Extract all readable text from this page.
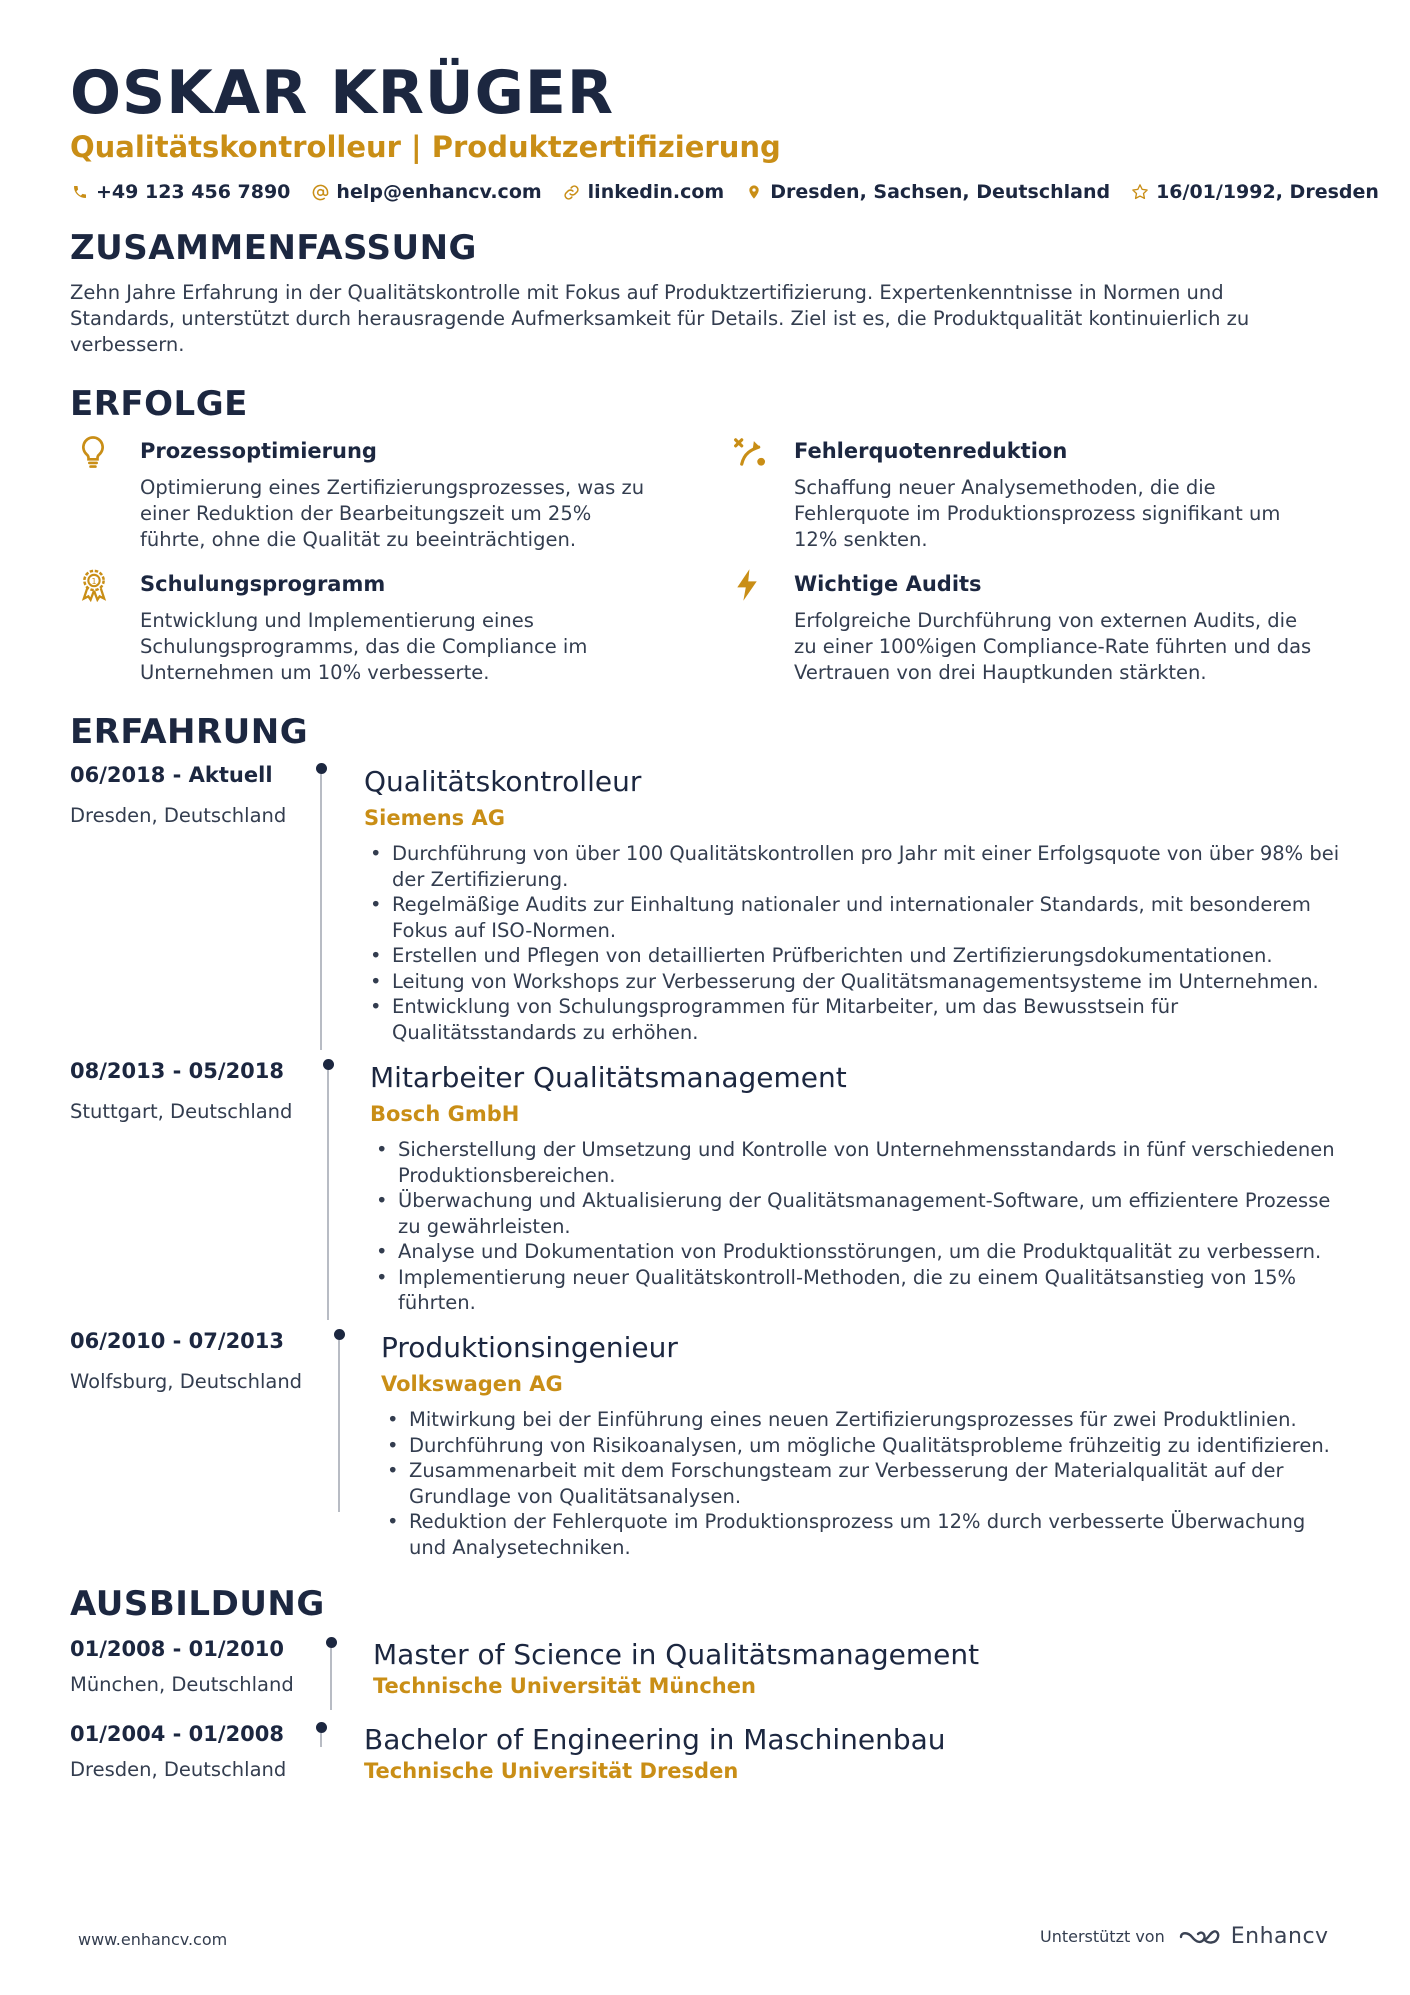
OSKAR KRÜGER
Qualitätskontrolleur | Produktzertifizierung
+49 123 456 7890 help@enhancv.com linkedin.com Dresden, Sachsen, Deutschland 16/01/1992, Dresden
ZUSAMMENFASSUNG
Zehn Jahre Erfahrung in der Qualitätskontrolle mit Fokus auf Produktzertifizierung. Expertenkenntnisse in Normen und Standards, unterstützt durch herausragende Aufmerksamkeit für Details. Ziel ist es, die Produktqualität kontinuierlich zu verbessern.
ERFOLGE
Prozessoptimierung
Optimierung eines Zertifizierungsprozesses, was zu einer Reduktion der Bearbeitungszeit um 25% führte, ohne die Qualität zu beeinträchtigen.
Fehlerquotenreduktion
Schaffung neuer Analysemethoden, die die Fehlerquote im Produktionsprozess signifikant um 12% senkten.
1 Schulungsprogramm
Entwicklung und Implementierung eines Schulungsprogramms, das die Compliance im Unternehmen um 10% verbesserte.
Wichtige Audits
Erfolgreiche Durchführung von externen Audits, die zu einer 100%igen Compliance-Rate führten und das Vertrauen von drei Hauptkunden stärkten.
ERFAHRUNG
06/2018 - Aktuell
Dresden, Deutschland
Qualitätskontrolleur
Siemens AG
• Durchführung von über 100 Qualitätskontrollen pro Jahr mit einer Erfolgsquote von über 98% bei der Zertifizierung.
• Regelmäßige Audits zur Einhaltung nationaler und internationaler Standards, mit besonderem Fokus auf ISO-Normen.
• Erstellen und Pflegen von detaillierten Prüfberichten und Zertifizierungsdokumentationen.
• Leitung von Workshops zur Verbesserung der Qualitätsmanagementsysteme im Unternehmen.
• Entwicklung von Schulungsprogrammen für Mitarbeiter, um das Bewusstsein für Qualitätsstandards zu erhöhen.
08/2013 - 05/2018
Stuttgart, Deutschland
Mitarbeiter Qualitätsmanagement
Bosch GmbH
• Sicherstellung der Umsetzung und Kontrolle von Unternehmensstandards in fünf verschiedenen Produktionsbereichen.
• Überwachung und Aktualisierung der Qualitätsmanagement-Software, um effizientere Prozesse zu gewährleisten.
• Analyse und Dokumentation von Produktionsstörungen, um die Produktqualität zu verbessern.
• Implementierung neuer Qualitätskontroll-Methoden, die zu einem Qualitätsanstieg von 15% führten.
06/2010 - 07/2013
Wolfsburg, Deutschland
Produktionsingenieur
Volkswagen AG
• Mitwirkung bei der Einführung eines neuen Zertifizierungsprozesses für zwei Produktlinien.
• Durchführung von Risikoanalysen, um mögliche Qualitätsprobleme frühzeitig zu identifizieren.
• Zusammenarbeit mit dem Forschungsteam zur Verbesserung der Materialqualität auf der Grundlage von Qualitätsanalysen.
• Reduktion der Fehlerquote im Produktionsprozess um 12% durch verbesserte Überwachung und Analysetechniken.
AUSBILDUNG
01/2008 - 01/2010
München, Deutschland
Master of Science in Qualitätsmanagement
Technische Universität München
01/2004 - 01/2008
Dresden, Deutschland
Bachelor of Engineering in Maschinenbau
Technische Universität Dresden
www.enhancv.com	Unterstützt von	Enhancv
